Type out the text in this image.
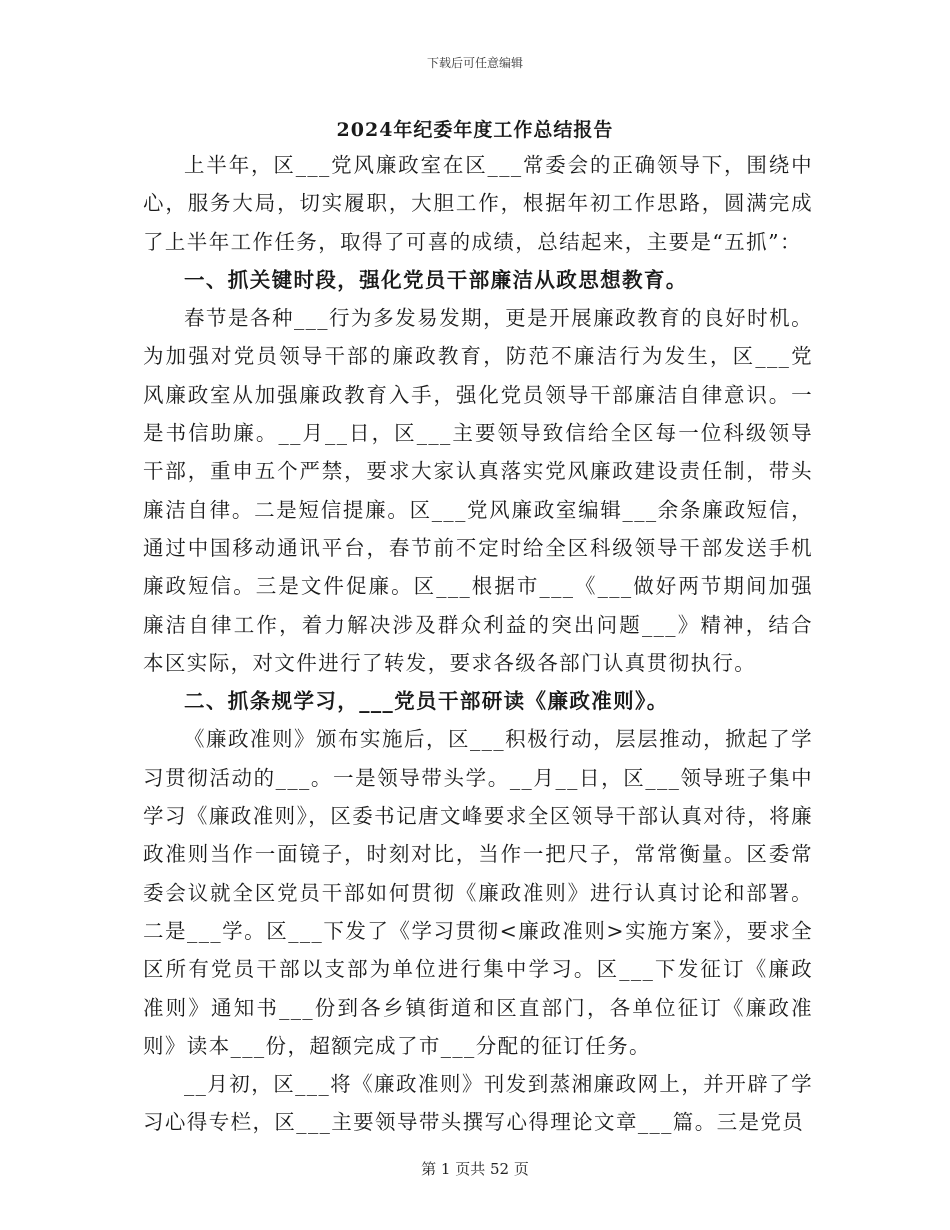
下载后可任意编辑
2024年纪委年度工作总结报告

上半年，区___党风廉政室在区___常委会的正确领导下，围绕中心，服务大局，切实履职，大胆工作，根据年初工作思路，圆满完成了上半年工作任务，取得了可喜的成绩，总结起来，主要是“五抓”：

一、抓关键时段，强化党员干部廉洁从政思想教育。

春节是各种___行为多发易发期，更是开展廉政教育的良好时机。为加强对党员领导干部的廉政教育，防范不廉洁行为发生，区___党风廉政室从加强廉政教育入手，强化党员领导干部廉洁自律意识。一是书信助廉。__月__日，区___主要领导致信给全区每一位科级领导干部，重申五个严禁，要求大家认真落实党风廉政建设责任制，带头廉洁自律。二是短信提廉。区___党风廉政室编辑___余条廉政短信，通过中国移动通讯平台，春节前不定时给全区科级领导干部发送手机廉政短信。三是文件促廉。区___根据市___《___做好两节期间加强廉洁自律工作，着力解决涉及群众利益的突出问题___》精神，结合本区实际，对文件进行了转发，要求各级各部门认真贯彻执行。

二、抓条规学习，___党员干部研读《廉政准则》。

《廉政准则》颁布实施后，区___积极行动，层层推动，掀起了学习贯彻活动的___。一是领导带头学。__月__日，区___领导班子集中学习《廉政准则》，区委书记唐文峰要求全区领导干部认真对待，将廉政准则当作一面镜子，时刻对比，当作一把尺子，常常衡量。区委常委会议就全区党员干部如何贯彻《廉政准则》进行认真讨论和部署。二是___学。区___下发了《学习贯彻<廉政准则>实施方案》，要求全区所有党员干部以支部为单位进行集中学习。区___下发征订《廉政准则》通知书___份到各乡镇街道和区直部门，各单位征订《廉政准则》读本___份，超额完成了市___分配的征订任务。

__月初，区___将《廉政准则》刊发到蒸湘廉政网上，并开辟了学习心得专栏，区___主要领导带头撰写心得理论文章___篇。三是党员

第 1 页共 52 页
